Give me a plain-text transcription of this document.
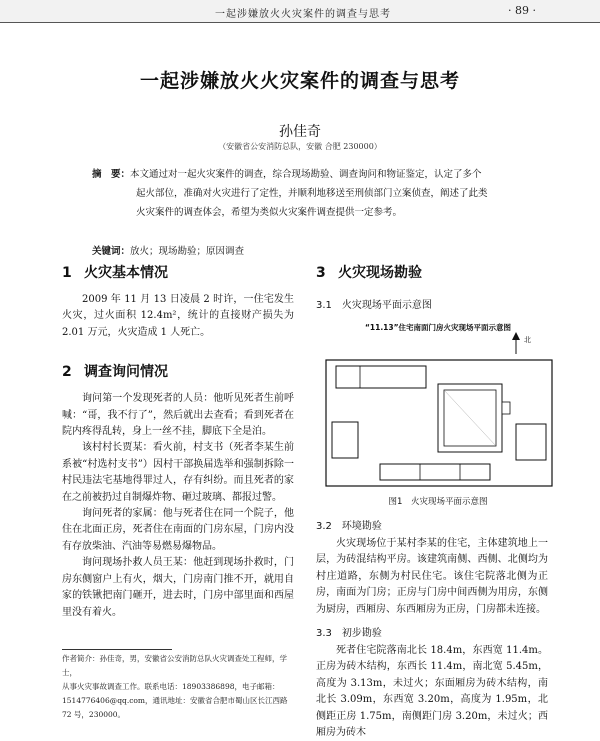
一起涉嫌放火火灾案件的调查与思考	· 89 ·
一起涉嫌放火火灾案件的调查与思考
孙佳奇
（安徽省公安消防总队，安徽 合肥 230000）
摘　要：本文通过对一起火灾案件的调查，综合现场勘验、调查询问和物证鉴定，认定了多个
起火部位，准确对火灾进行了定性，并顺利地移送至刑侦部门立案侦查，阐述了此类
火灾案件的调查体会，希望为类似火灾案件调查提供一定参考。
关键词：放火；现场勘验；原因调查
1 火灾基本情况

2009 年 11 月 13 日凌晨 2 时许，一住宅发生火灾，过火面积 12.4m²，统计的直接财产损失为 2.01 万元，火灾造成 1 人死亡。

2 调查询问情况

询问第一个发现死者的人员：他听见死者生前呼喊：“哥，我不行了”，然后就出去查看；看到死者在院内疼得乱转，身上一丝不挂，脚底下全是泊。

该村村长贾某：看火前，村支书（死者李某生前系被“村选村支书”）因村干部换届选举和强制拆除一村民违法宅基地得罪过人，存有纠纷。而且死者的家在之前被扔过自制爆炸物、砸过玻璃、都报过警。

询问死者的家属：他与死者住在同一个院子，他住在北面正房，死者住在南面的门房东屋，门房内没有存放柴油、汽油等易燃易爆物品。

询问现场扑救人员王某：他赶到现场扑救时，门房东侧窗户上有火，烟大，门房南门推不开，就用自家的铁锹把南门砸开，进去时，门房中部里面和西屋里没有着火。

3 火灾现场勘验
3.1　火灾现场平面示意图
“11.13”住宅南面门房火灾现场平面示意图
北
图1　火灾现场平面示意图
3.2　环境勘验

火灾现场位于某村李某的住宅，主体建筑地上一层，为砖混结构平房。该建筑南侧、西侧、北侧均为村庄道路，东侧为村民住宅。该住宅院落北侧为正房，南面为门房；正房与门房中间西侧为用房，东侧为厨房，西厢房、东西厢房为正房，门房都未连接。

3.3　初步勘验

死者住宅院落南北长 18.4m，东西宽 11.4m。正房为砖木结构，东西长 11.4m，南北宽 5.45m，高度为 3.13m，未过火；东面厢房为砖木结构，南北长 3.09m，东西宽 3.20m，高度为 1.95m，北侧距正房 1.75m，南侧距门房 3.20m，未过火；西厢房为砖木

作者简介：孙佳奇，男，安徽省公安消防总队火灾调查处工程师，学士，
从事火灾事故调查工作。联系电话：18903386898，电子邮箱：
1514776406@qq.com，通讯地址：安徽省合肥市蜀山区长江西路 72 号，230000。
